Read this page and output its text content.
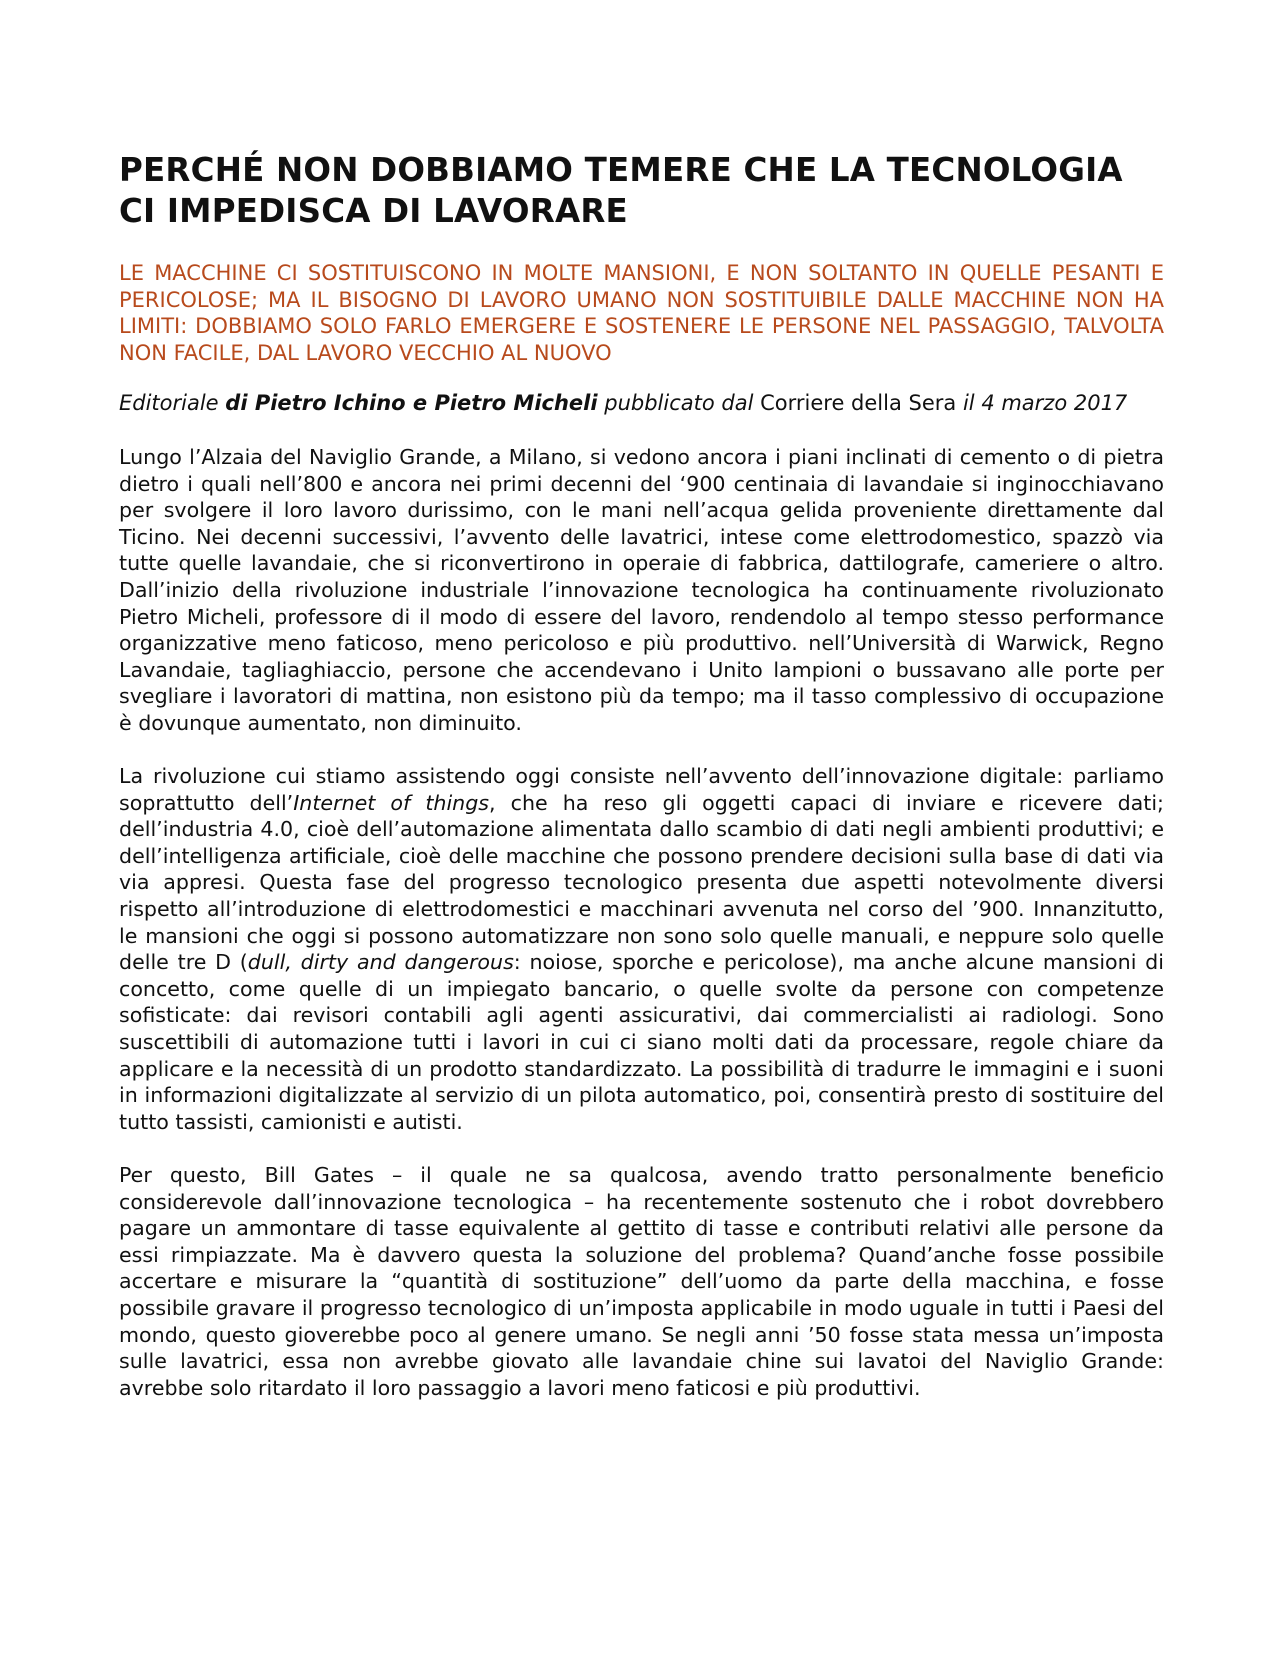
PERCHÉ NON DOBBIAMO TEMERE CHE LA TECNOLOGIA
CI IMPEDISCA DI LAVORARE

LE MACCHINE CI SOSTITUISCONO IN MOLTE MANSIONI, E NON SOLTANTO IN QUELLE PESANTI E PERICOLOSE; MA IL BISOGNO DI LAVORO UMANO NON SOSTITUIBILE DALLE MACCHINE NON HA LIMITI: DOBBIAMO SOLO FARLO EMERGERE E SOSTENERE LE PERSONE NEL PASSAGGIO, TALVOLTA NON FACILE, DAL LAVORO VECCHIO AL NUOVO

Editoriale di Pietro Ichino e Pietro Micheli pubblicato dal Corriere della Sera il 4 marzo 2017

Lungo l’Alzaia del Naviglio Grande, a Milano, si vedono ancora i piani inclinati di cemento o di pietra dietro i quali nell’800 e ancora nei primi decenni del ‘900 centinaia di lavandaie si inginocchiavano per svolgere il loro lavoro durissimo, con le mani nell’acqua gelida proveniente direttamente dal Ticino. Nei decenni successivi, l’avvento delle lavatrici, intese come elettrodomestico, spazzò via tutte quelle lavandaie, che si riconvertirono in operaie di fabbrica, dattilografe, cameriere o altro. Dall’inizio della rivoluzione industriale l’innovazione tecnologica ha continuamente rivoluzionato Pietro Micheli, professore di il modo di essere del lavoro, rendendolo al tempo stesso performance organizzative meno faticoso, meno pericoloso e più produttivo. nell’Università di Warwick, Regno Lavandaie, tagliaghiaccio, persone che accendevano i Unito lampioni o bussavano alle porte per svegliare i lavoratori di mattina, non esistono più da tempo; ma il tasso complessivo di occupazione è dovunque aumentato, non diminuito.

La rivoluzione cui stiamo assistendo oggi consiste nell’avvento dell’innovazione digitale: parliamo soprattutto dell’Internet of things, che ha reso gli oggetti capaci di inviare e ricevere dati; dell’industria 4.0, cioè dell’automazione alimentata dallo scambio di dati negli ambienti produttivi; e dell’intelligenza artificiale, cioè delle macchine che possono prendere decisioni sulla base di dati via via appresi. Questa fase del progresso tecnologico presenta due aspetti notevolmente diversi rispetto all’introduzione di elettrodomestici e macchinari avvenuta nel corso del ’900. Innanzitutto, le mansioni che oggi si possono automatizzare non sono solo quelle manuali, e neppure solo quelle delle tre D (dull, dirty and dangerous: noiose, sporche e pericolose), ma anche alcune mansioni di concetto, come quelle di un impiegato bancario, o quelle svolte da persone con competenze sofisticate: dai revisori contabili agli agenti assicurativi, dai commercialisti ai radiologi. Sono suscettibili di automazione tutti i lavori in cui ci siano molti dati da processare, regole chiare da applicare e la necessità di un prodotto standardizzato. La possibilità di tradurre le immagini e i suoni in informazioni digitalizzate al servizio di un pilota automatico, poi, consentirà presto di sostituire del tutto tassisti, camionisti e autisti.

Per questo, Bill Gates – il quale ne sa qualcosa, avendo tratto personalmente beneficio considerevole dall’innovazione tecnologica – ha recentemente sostenuto che i robot dovrebbero pagare un ammontare di tasse equivalente al gettito di tasse e contributi relativi alle persone da essi rimpiazzate. Ma è davvero questa la soluzione del problema? Quand’anche fosse possibile accertare e misurare la “quantità di sostituzione” dell’uomo da parte della macchina, e fosse possibile gravare il progresso tecnologico di un’imposta applicabile in modo uguale in tutti i Paesi del mondo, questo gioverebbe poco al genere umano. Se negli anni ’50 fosse stata messa un’imposta sulle lavatrici, essa non avrebbe giovato alle lavandaie chine sui lavatoi del Naviglio Grande: avrebbe solo ritardato il loro passaggio a lavori meno faticosi e più produttivi.
